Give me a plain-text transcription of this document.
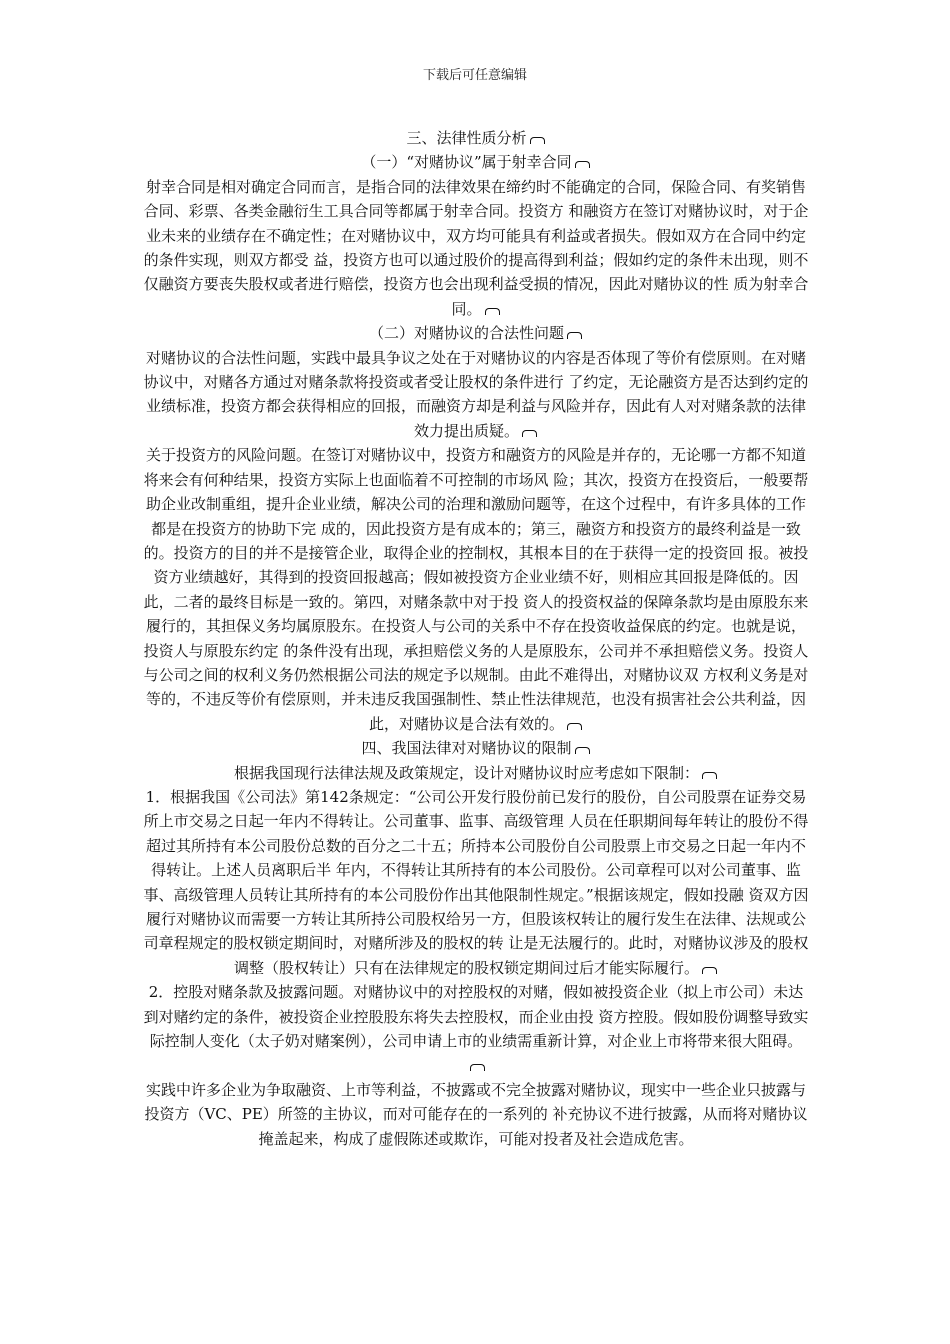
下载后可任意编辑

三、法律性质分析

（一）“对赌协议”属于射幸合同

射幸合同是相对确定合同而言，是指合同的法律效果在缔约时不能确定的合同，保险合同、有奖销售合同、彩票、各类金融衍生工具合同等都属于射幸合同。投资方 和融资方在签订对赌协议时，对于企业未来的业绩存在不确定性；在对赌协议中，双方均可能具有利益或者损失。假如双方在合同中约定的条件实现，则双方都受 益，投资方也可以通过股价的提高得到利益；假如约定的条件未出现，则不仅融资方要丧失股权或者进行赔偿，投资方也会出现利益受损的情况，因此对赌协议的性 质为射幸合同。

（二）对赌协议的合法性问题

对赌协议的合法性问题，实践中最具争议之处在于对赌协议的内容是否体现了等价有偿原则。在对赌协议中，对赌各方通过对赌条款将投资或者受让股权的条件进行 了约定，无论融资方是否达到约定的业绩标准，投资方都会获得相应的回报，而融资方却是利益与风险并存，因此有人对对赌条款的法律效力提出质疑。

关于投资方的风险问题。在签订对赌协议中，投资方和融资方的风险是并存的，无论哪一方都不知道将来会有何种结果，投资方实际上也面临着不可控制的市场风 险；其次，投资方在投资后，一般要帮助企业改制重组，提升企业业绩，解决公司的治理和激励问题等，在这个过程中，有许多具体的工作都是在投资方的协助下完 成的，因此投资方是有成本的；第三，融资方和投资方的最终利益是一致的。投资方的目的并不是接管企业，取得企业的控制权，其根本目的在于获得一定的投资回 报。被投资方业绩越好，其得到的投资回报越高；假如被投资方企业业绩不好，则相应其回报是降低的。因此，二者的最终目标是一致的。第四，对赌条款中对于投 资人的投资权益的保障条款均是由原股东来履行的，其担保义务均属原股东。在投资人与公司的关系中不存在投资收益保底的约定。也就是说，投资人与原股东约定 的条件没有出现，承担赔偿义务的人是原股东，公司并不承担赔偿义务。投资人与公司之间的权利义务仍然根据公司法的规定予以规制。由此不难得出，对赌协议双 方权利义务是对等的，不违反等价有偿原则，并未违反我国强制性、禁止性法律规范，也没有损害社会公共利益，因此，对赌协议是合法有效的。

四、我国法律对对赌协议的限制

根据我国现行法律法规及政策规定，设计对赌协议时应考虑如下限制：

1．根据我国《公司法》第142条规定：“公司公开发行股份前已发行的股份，自公司股票在证券交易所上市交易之日起一年内不得转让。公司董事、监事、高级管理 人员在任职期间每年转让的股份不得超过其所持有本公司股份总数的百分之二十五；所持本公司股份自公司股票上市交易之日起一年内不得转让。上述人员离职后半 年内，不得转让其所持有的本公司股份。公司章程可以对公司董事、监事、高级管理人员转让其所持有的本公司股份作出其他限制性规定。”根据该规定，假如投融 资双方因履行对赌协议而需要一方转让其所持公司股权给另一方，但股该权转让的履行发生在法律、法规或公司章程规定的股权锁定期间时，对赌所涉及的股权的转 让是无法履行的。此时，对赌协议涉及的股权调整（股权转让）只有在法律规定的股权锁定期间过后才能实际履行。

2．控股对赌条款及披露问题。对赌协议中的对控股权的对赌，假如被投资企业（拟上市公司）未达到对赌约定的条件，被投资企业控股股东将失去控股权，而企业由投 资方控股。假如股份调整导致实际控制人变化（太子奶对赌案例），公司申请上市的业绩需重新计算，对企业上市将带来很大阻碍。

实践中许多企业为争取融资、上市等利益，不披露或不完全披露对赌协议，现实中一些企业只披露与投资方（VC、PE）所签的主协议，而对可能存在的一系列的 补充协议不进行披露，从而将对赌协议掩盖起来，构成了虚假陈述或欺诈，可能对投者及社会造成危害。
